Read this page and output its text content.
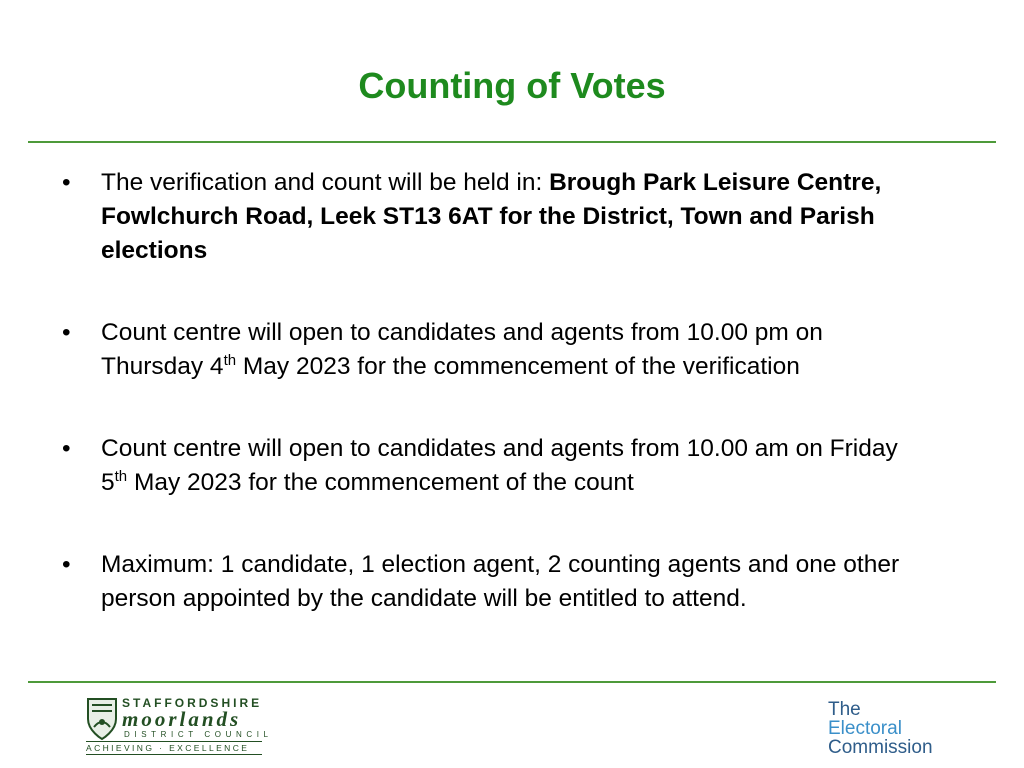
Counting of Votes
• The verification and count will be held in: Brough Park Leisure Centre, Fowlchurch Road, Leek ST13 6AT for the District, Town and Parish elections
• Count centre will open to candidates and agents from 10.00 pm on Thursday 4th May 2023 for the commencement of the verification
• Count centre will open to candidates and agents from 10.00 am on Friday 5th May 2023 for the commencement of the count
• Maximum: 1 candidate, 1 election agent, 2 counting agents and one other person appointed by the candidate will be entitled to attend.
STAFFORDSHIRE
moorlands
DISTRICT COUNCIL
ACHIEVING · EXCELLENCE
The
Electoral
Commission
